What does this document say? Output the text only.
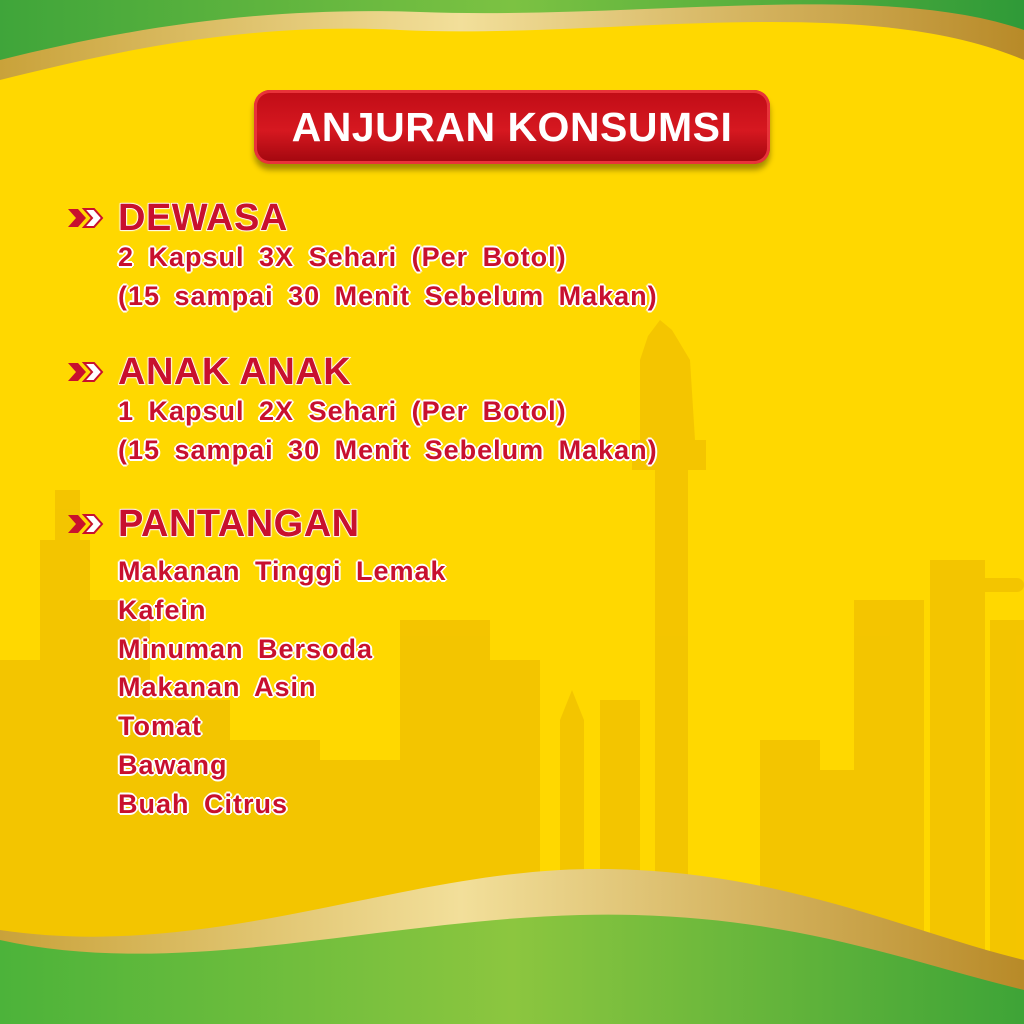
ANJURAN KONSUMSI
DEWASA
2 Kapsul 3X Sehari (Per Botol)
(15 sampai 30 Menit Sebelum Makan)
ANAK ANAK
1 Kapsul 2X Sehari (Per Botol)
(15 sampai 30 Menit Sebelum Makan)
PANTANGAN
Makanan Tinggi Lemak
Kafein
Minuman Bersoda
Makanan Asin
Tomat
Bawang
Buah Citrus
